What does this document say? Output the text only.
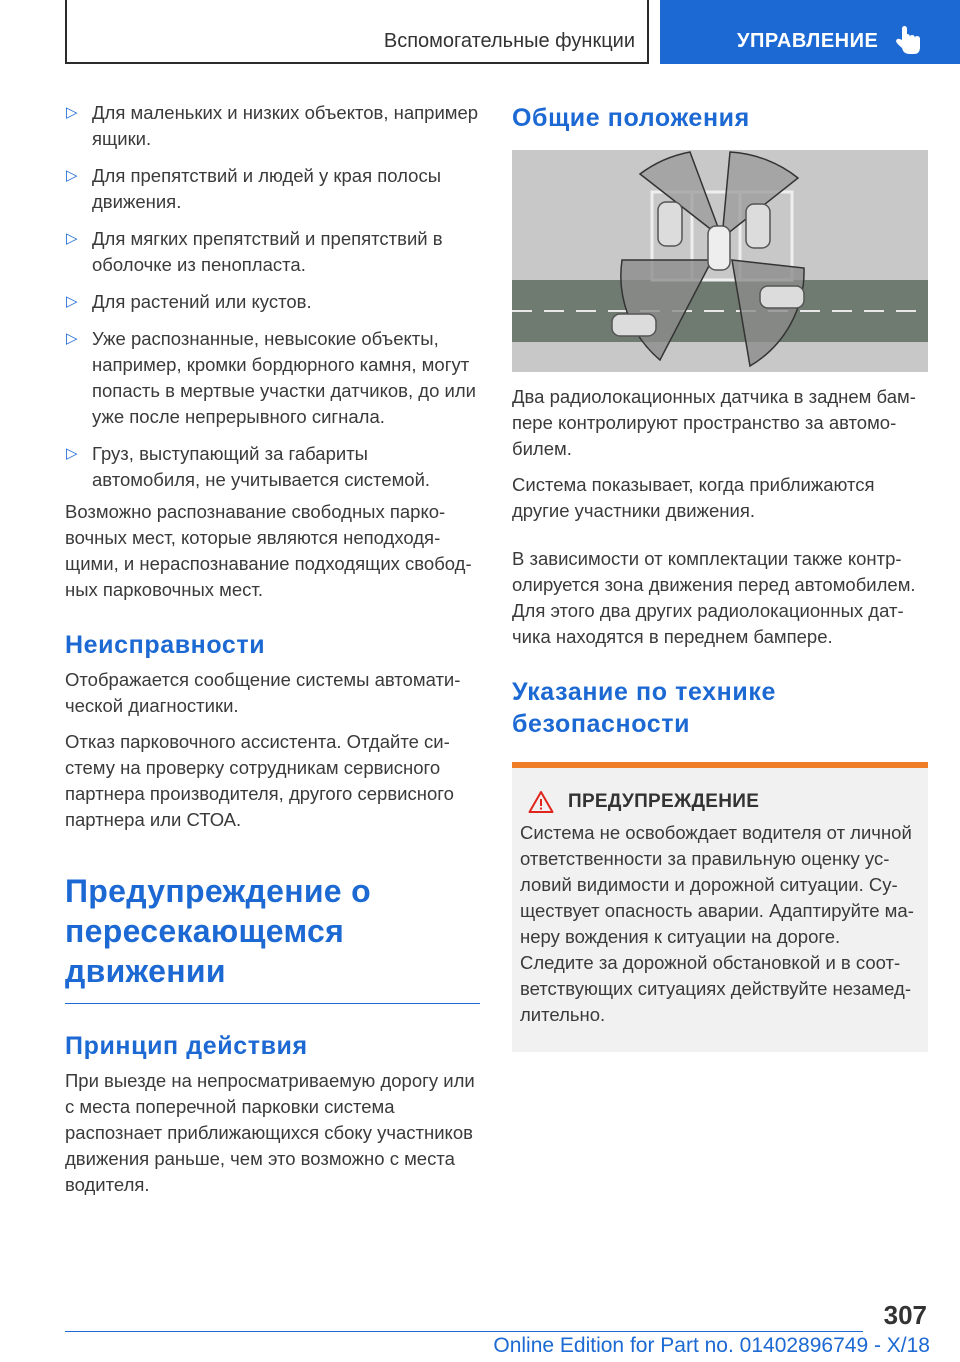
Вспомогательные функции	УПРАВЛЕНИЕ
▷ Для маленьких и низких объектов, например ящики.
▷ Для препятствий и людей у края полосы движения.
▷ Для мягких препятствий и препятствий в оболочке из пенопласта.
▷ Для растений или кустов.
▷ Уже распознанные, невысокие объекты, например, кромки бордюрного камня, могут попасть в мертвые участки датчиков, до или уже после непрерывного сигнала.
▷ Груз, выступающий за габариты автомобиля, не учитывается системой.

Возможно распознавание свободных парковочных мест, которые являются неподходящими, и нераспознавание подходящих свободных парковочных мест.

Неисправности

Отображается сообщение системы автоматической диагностики.

Отказ парковочного ассистента. Отдайте систему на проверку сотрудникам сервисного партнера производителя, другого сервисного партнера или СТОА.

Предупреждение о
пересекающемся
движении
Принцип действия

При выезде на непросматриваемую дорогу или с места поперечной парковки система распознает приближающихся сбоку участников движения раньше, чем это возможно с места водителя.

Общие положения

Два радиолокационных датчика в заднем бампере контролируют пространство за автомобилем.

Система показывает, когда приближаются другие участники движения.

В зависимости от комплектации также контролируется зона движения перед автомобилем. Для этого два других радиолокационных датчика находятся в переднем бампере.

Указание по технике
безопасности
ПРЕДУПРЕЖДЕНИЕ

Система не освобождает водителя от личной ответственности за правильную оценку условий видимости и дорожной ситуации. Существует опасность аварии. Адаптируйте манеру вождения к ситуации на дороге. Следите за дорожной обстановкой и в соответствующих ситуациях действуйте незамедлительно.

307
Online Edition for Part no. 01402896749 - X/18
